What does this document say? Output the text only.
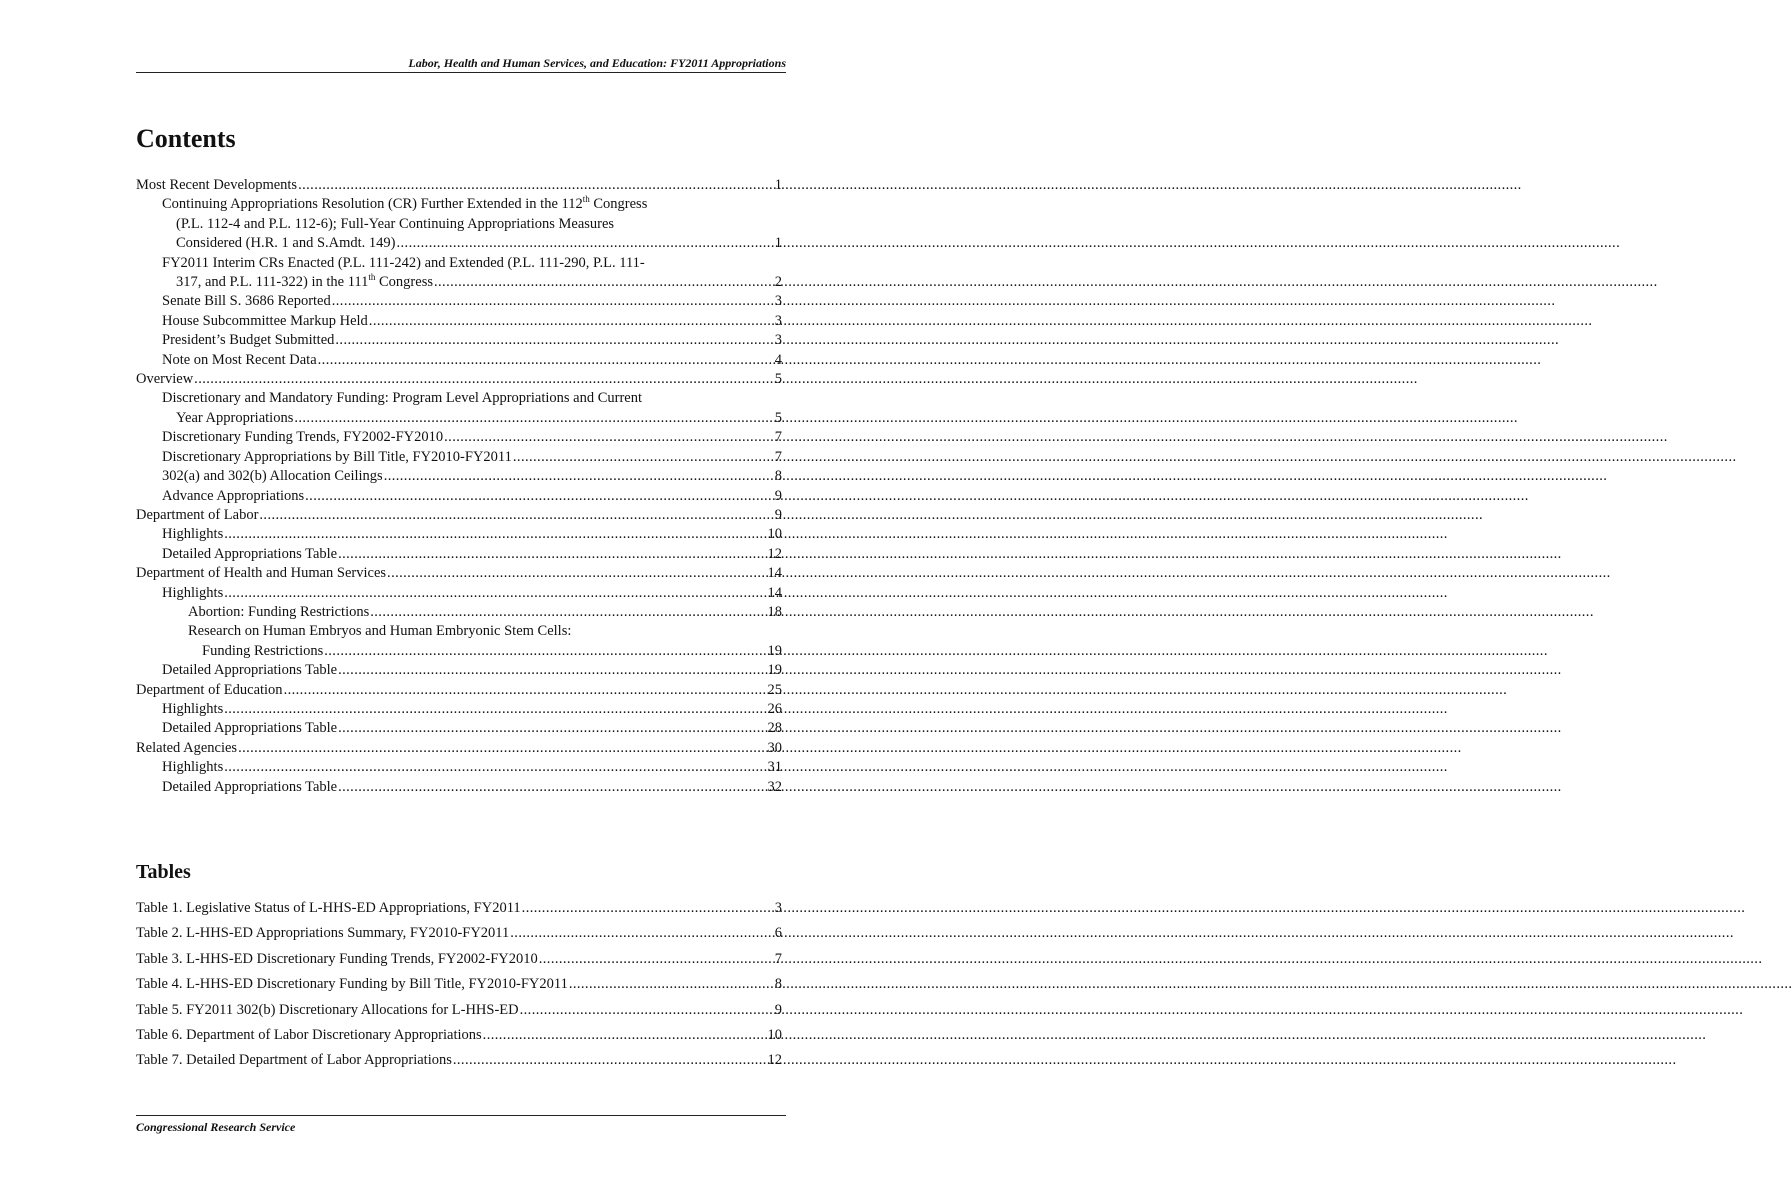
Labor, Health and Human Services, and Education: FY2011 Appropriations
Contents
Most Recent Developments .....	1
Continuing Appropriations Resolution (CR) Further Extended in the 112th Congress
(P.L. 112-4 and P.L. 112-6); Full-Year Continuing Appropriations Measures
Considered (H.R. 1 and S.Amdt. 149) .....	1
FY2011 Interim CRs Enacted (P.L. 111-242) and Extended (P.L. 111-290, P.L. 111-
317, and P.L. 111-322) in the 111th Congress .....	2
Senate Bill S. 3686 Reported .....	3
House Subcommittee Markup Held .....	3
President’s Budget Submitted .....	3
Note on Most Recent Data .....	4
Overview .....	5
Discretionary and Mandatory Funding: Program Level Appropriations and Current
Year Appropriations .....	5
Discretionary Funding Trends, FY2002-FY2010 .....	7
Discretionary Appropriations by Bill Title, FY2010-FY2011 .....	7
302(a) and 302(b) Allocation Ceilings .....	8
Advance Appropriations .....	9
Department of Labor .....	9
Highlights .....	10
Detailed Appropriations Table .....	12
Department of Health and Human Services .....	14
Highlights .....	14
Abortion: Funding Restrictions .....	18
Research on Human Embryos and Human Embryonic Stem Cells:
Funding Restrictions .....	19
Detailed Appropriations Table .....	19
Department of Education .....	25
Highlights .....	26
Detailed Appropriations Table .....	28
Related Agencies .....	30
Highlights .....	31
Detailed Appropriations Table .....	32
Tables
Table 1. Legislative Status of L-HHS-ED Appropriations, FY2011 .....	3
Table 2. L-HHS-ED Appropriations Summary, FY2010-FY2011 .....	6
Table 3. L-HHS-ED Discretionary Funding Trends, FY2002-FY2010 .....	7
Table 4. L-HHS-ED Discretionary Funding by Bill Title, FY2010-FY2011 .....	8
Table 5. FY2011 302(b) Discretionary Allocations for L-HHS-ED .....	9
Table 6. Department of Labor Discretionary Appropriations .....	10
Table 7. Detailed Department of Labor Appropriations .....	12
Congressional Research Service
